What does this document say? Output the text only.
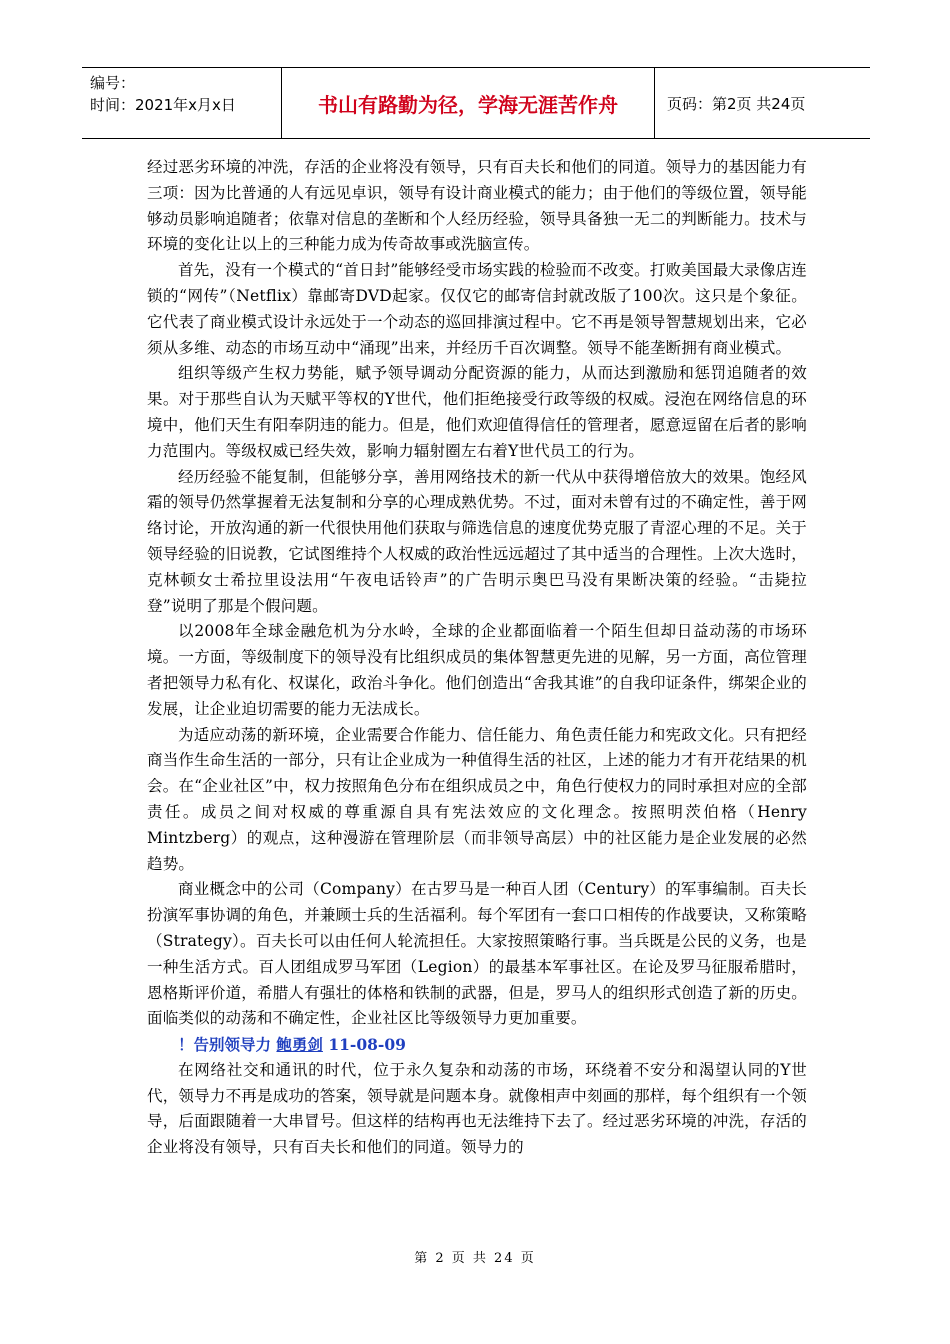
编号：
时间：2021年x月x日	书山有路勤为径，学海无涯苦作舟	页码：第2页 共24页

经过恶劣环境的冲洗，存活的企业将没有领导，只有百夫长和他们的同道。领导力的基因能力有三项：因为比普通的人有远见卓识，领导有设计商业模式的能力；由于他们的等级位置，领导能够动员影响追随者；依靠对信息的垄断和个人经历经验，领导具备独一无二的判断能力。技术与环境的变化让以上的三种能力成为传奇故事或洗脑宣传。

首先，没有一个模式的“首日封”能够经受市场实践的检验而不改变。打败美国最大录像店连锁的“网传”（Netflix）靠邮寄DVD起家。仅仅它的邮寄信封就改版了100次。这只是个象征。它代表了商业模式设计永远处于一个动态的巡回排演过程中。它不再是领导智慧规划出来，它必须从多维、动态的市场互动中“涌现”出来，并经历千百次调整。领导不能垄断拥有商业模式。

组织等级产生权力势能，赋予领导调动分配资源的能力，从而达到激励和惩罚追随者的效果。对于那些自认为天赋平等权的Y世代，他们拒绝接受行政等级的权威。浸泡在网络信息的环境中，他们天生有阳奉阴违的能力。但是，他们欢迎值得信任的管理者，愿意逗留在后者的影响力范围内。等级权威已经失效，影响力辐射圈左右着Y世代员工的行为。

经历经验不能复制，但能够分享，善用网络技术的新一代从中获得增倍放大的效果。饱经风霜的领导仍然掌握着无法复制和分享的心理成熟优势。不过，面对未曾有过的不确定性，善于网络讨论，开放沟通的新一代很快用他们获取与筛选信息的速度优势克服了青涩心理的不足。关于领导经验的旧说教，它试图维持个人权威的政治性远远超过了其中适当的合理性。上次大选时，克林顿女士希拉里设法用“午夜电话铃声”的广告明示奥巴马没有果断决策的经验。“击毙拉登”说明了那是个假问题。

以2008年全球金融危机为分水岭，全球的企业都面临着一个陌生但却日益动荡的市场环境。一方面，等级制度下的领导没有比组织成员的集体智慧更先进的见解，另一方面，高位管理者把领导力私有化、权谋化，政治斗争化。他们创造出“舍我其谁”的自我印证条件，绑架企业的发展，让企业迫切需要的能力无法成长。

为适应动荡的新环境，企业需要合作能力、信任能力、角色责任能力和宪政文化。只有把经商当作生命生活的一部分，只有让企业成为一种值得生活的社区，上述的能力才有开花结果的机会。在“企业社区”中，权力按照角色分布在组织成员之中，角色行使权力的同时承担对应的全部责任。成员之间对权威的尊重源自具有宪法效应的文化理念。按照明茨伯格（Henry Mintzberg）的观点，这种漫游在管理阶层（而非领导高层）中的社区能力是企业发展的必然趋势。

商业概念中的公司（Company）在古罗马是一种百人团（Century）的军事编制。百夫长扮演军事协调的角色，并兼顾士兵的生活福利。每个军团有一套口口相传的作战要诀，又称策略（Strategy）。百夫长可以由任何人轮流担任。大家按照策略行事。当兵既是公民的义务，也是一种生活方式。百人团组成罗马军团（Legion）的最基本军事社区。在论及罗马征服希腊时，恩格斯评价道，希腊人有强壮的体格和铁制的武器，但是，罗马人的组织形式创造了新的历史。面临类似的动荡和不确定性，企业社区比等级领导力更加重要。

！告别领导力 鲍勇剑 11-08-09

在网络社交和通讯的时代，位于永久复杂和动荡的市场，环绕着不安分和渴望认同的Y世代，领导力不再是成功的答案，领导就是问题本身。就像相声中刻画的那样，每个组织有一个领导，后面跟随着一大串冒号。但这样的结构再也无法维持下去了。经过恶劣环境的冲洗，存活的企业将没有领导，只有百夫长和他们的同道。领导力的

第 2 页 共 24 页
